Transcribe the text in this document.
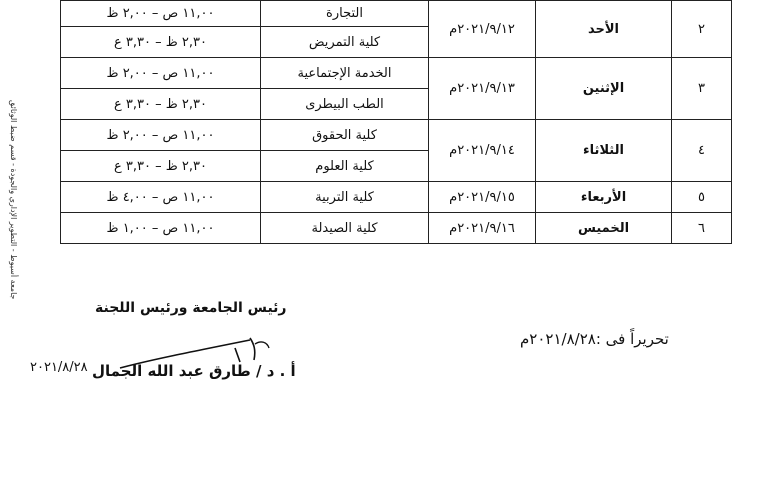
جامعة أسيوط - التطوير الإداري والجودة - قسم ضبط الوثائق
١١,٠٠ ص – ٢,٠٠ ظ	التجارة	٢٠٢١/٩/١٢م	الأحد	٢
٢,٣٠ ظ – ٣,٣٠ ع	كلية التمريض			
١١,٠٠ ص – ٢,٠٠ ظ	الخدمة الإجتماعية	٢٠٢١/٩/١٣م	الإثنين	٣
٢,٣٠ ظ – ٣,٣٠ ع	الطب البيطرى			
١١,٠٠ ص – ٢,٠٠ ظ	كلية الحقوق	٢٠٢١/٩/١٤م	الثلاثاء	٤
٢,٣٠ ظ – ٣,٣٠ ع	كلية العلوم			
١١,٠٠ ص – ٤,٠٠ ظ	كلية التربية	٢٠٢١/٩/١٥م	الأربعاء	٥
١١,٠٠ ص – ١,٠٠ ظ	كلية الصيدلة	٢٠٢١/٩/١٦م	الخميس	٦
رئيس الجامعة ورئيس اللجنة
أ . د / طارق عبد الله الجمال
٢٠٢١/٨/٢٨
تحريراً فى :٢٠٢١/٨/٢٨م
